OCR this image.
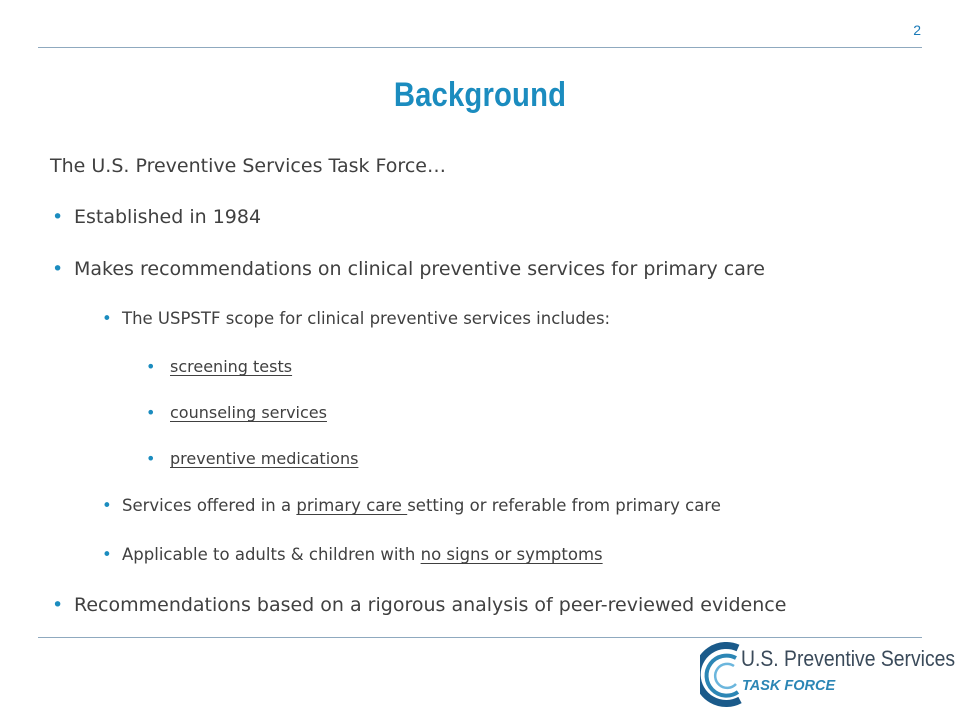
2
Background
The U.S. Preventive Services Task Force…
• Established in 1984
• Makes recommendations on clinical preventive services for primary care
• The USPSTF scope for clinical preventive services includes:
• screening tests
• counseling services
• preventive medications
• Services offered in a primary care setting or referable from primary care
• Applicable to adults & children with no signs or symptoms
• Recommendations based on a rigorous analysis of peer-reviewed evidence
U.S. Preventive Services
TASK FORCE
